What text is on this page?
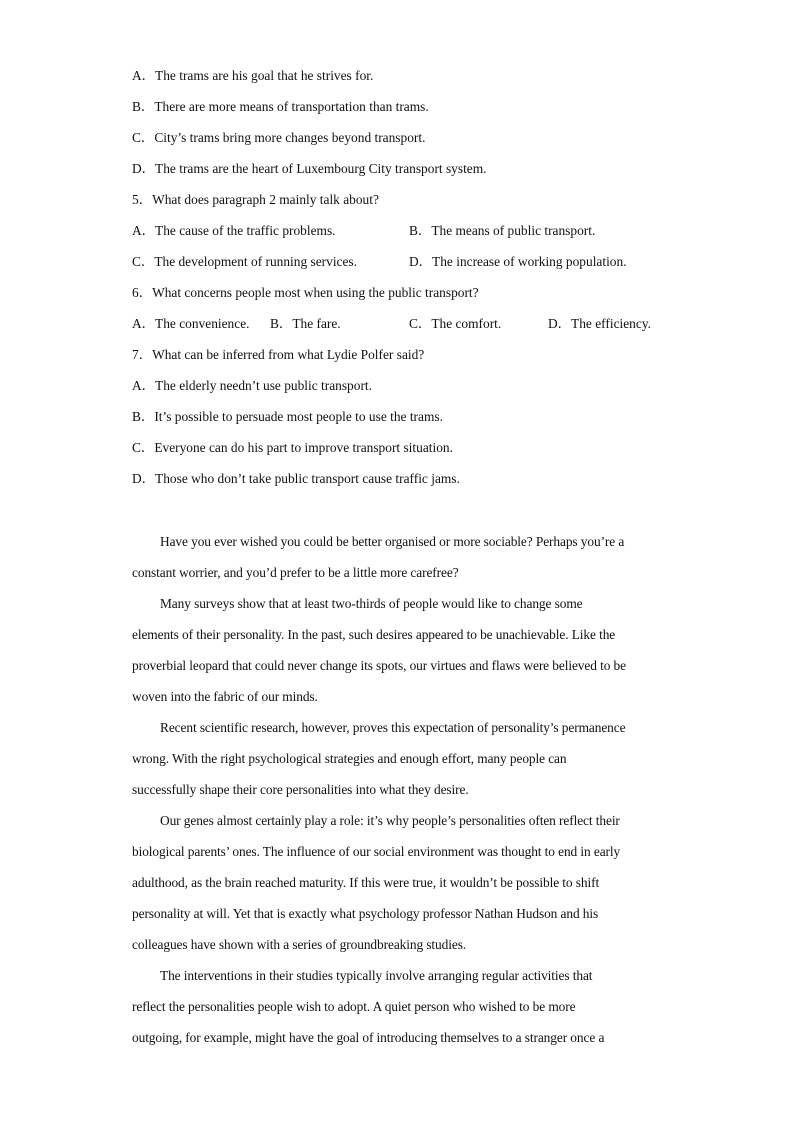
A．The trams are his goal that he strives for.
B．There are more means of transportation than trams.
C．City’s trams bring more changes beyond transport.
D．The trams are the heart of Luxembourg City transport system.
5．What does paragraph 2 mainly talk about?
A．The cause of the traffic problems.	B．The means of public transport.
C．The development of running services.	D．The increase of working population.
6．What concerns people most when using the public transport?
A．The convenience. B．The fare.	C．The comfort.	D．The efficiency.
7．What can be inferred from what Lydie Polfer said?
A．The elderly needn’t use public transport.
B．It’s possible to persuade most people to use the trams.
C．Everyone can do his part to improve transport situation.
D．Those who don’t take public transport cause traffic jams.
Have you ever wished you could be better organised or more sociable? Perhaps you’re a
constant worrier, and you’d prefer to be a little more carefree?
Many surveys show that at least two-thirds of people would like to change some
elements of their personality. In the past, such desires appeared to be unachievable. Like the
proverbial leopard that could never change its spots, our virtues and flaws were believed to be
woven into the fabric of our minds.
Recent scientific research, however, proves this expectation of personality’s permanence
wrong. With the right psychological strategies and enough effort, many people can
successfully shape their core personalities into what they desire.
Our genes almost certainly play a role: it’s why people’s personalities often reflect their
biological parents’ ones. The influence of our social environment was thought to end in early
adulthood, as the brain reached maturity. If this were true, it wouldn’t be possible to shift
personality at will. Yet that is exactly what psychology professor Nathan Hudson and his
colleagues have shown with a series of groundbreaking studies.
The interventions in their studies typically involve arranging regular activities that
reflect the personalities people wish to adopt. A quiet person who wished to be more
outgoing, for example, might have the goal of introducing themselves to a stranger once a
